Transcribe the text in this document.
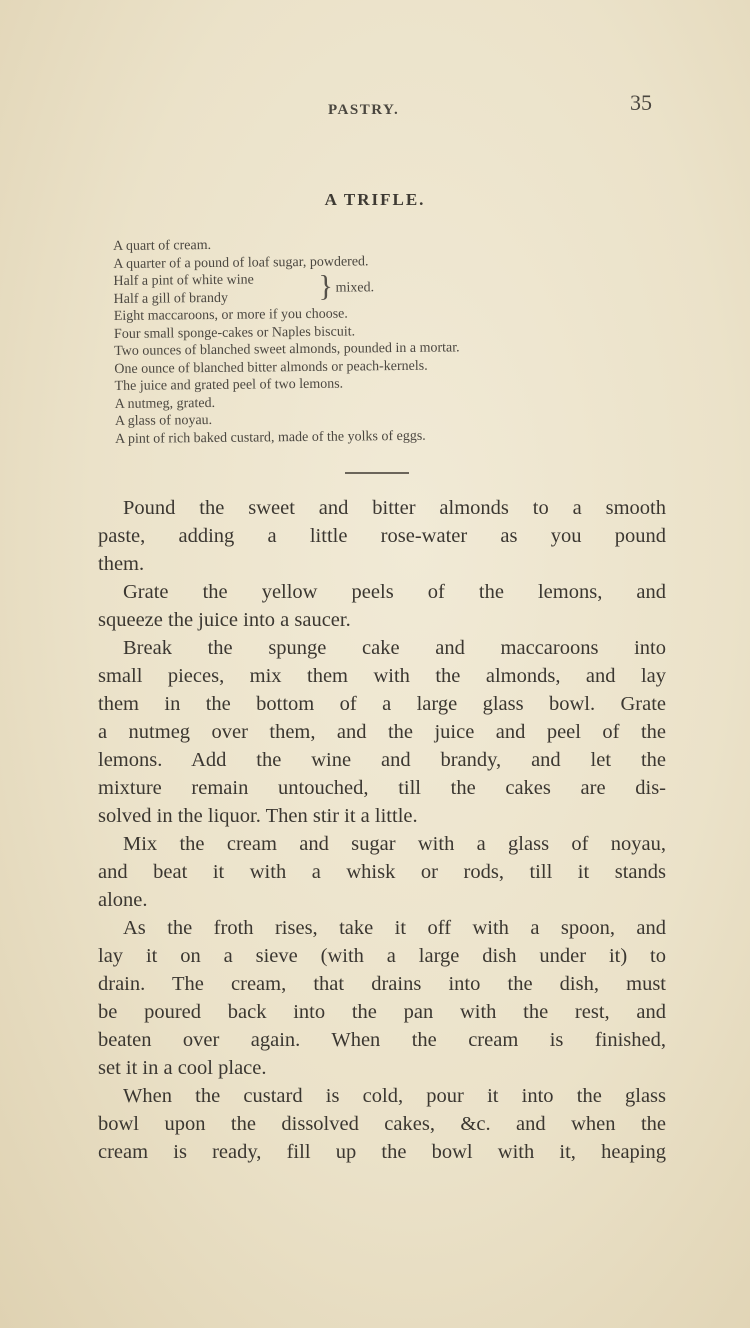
PASTRY.	35
A TRIFLE.
A quart of cream.
A quarter of a pound of loaf sugar, powdered.
Half a pint of white wine
Half a gill of brandy	} mixed.
Eight maccaroons, or more if you choose.
Four small sponge-cakes or Naples biscuit.
Two ounces of blanched sweet almonds, pounded in a mortar.
One ounce of blanched bitter almonds or peach-kernels.
The juice and grated peel of two lemons.
A nutmeg, grated.
A glass of noyau.
A pint of rich baked custard, made of the yolks of eggs.

Pound the sweet and bitter almonds to a smooth
paste, adding a little rose-water as you pound
them.

Grate the yellow peels of the lemons, and
squeeze the juice into a saucer.

Break the spunge cake and maccaroons into
small pieces, mix them with the almonds, and lay
them in the bottom of a large glass bowl. Grate
a nutmeg over them, and the juice and peel of the
lemons. Add the wine and brandy, and let the
mixture remain untouched, till the cakes are dis-
solved in the liquor. Then stir it a little.

Mix the cream and sugar with a glass of noyau,
and beat it with a whisk or rods, till it stands
alone.

As the froth rises, take it off with a spoon, and
lay it on a sieve (with a large dish under it) to
drain. The cream, that drains into the dish, must
be poured back into the pan with the rest, and
beaten over again. When the cream is finished,
set it in a cool place.

When the custard is cold, pour it into the glass
bowl upon the dissolved cakes, &c. and when the
cream is ready, fill up the bowl with it, heaping
